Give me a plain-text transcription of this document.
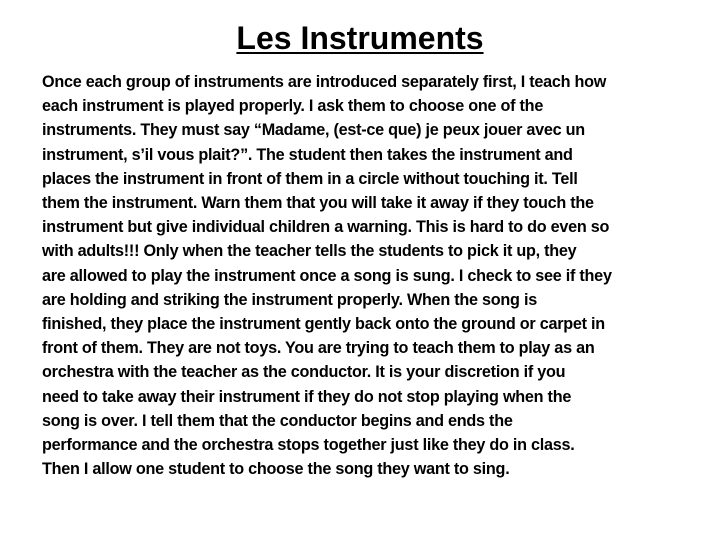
Les Instruments
Once each group of instruments are introduced separately first, I teach how
each instrument is played properly. I ask them to choose one of the
instruments. They must say “Madame, (est-ce que) je peux jouer avec un
instrument, s’il vous plait?”. The student then takes the instrument and
places the instrument in front of them in a circle without touching it. Tell
them the instrument. Warn them that you will take it away if they touch the
instrument but give individual children a warning. This is hard to do even so
with adults!!! Only when the teacher tells the students to pick it up, they
are allowed to play the instrument once a song is sung. I check to see if they
are holding and striking the instrument properly. When the song is
finished, they place the instrument gently back onto the ground or carpet in
front of them. They are not toys. You are trying to teach them to play as an
orchestra with the teacher as the conductor. It is your discretion if you
need to take away their instrument if they do not stop playing when the
song is over. I tell them that the conductor begins and ends the
performance and the orchestra stops together just like they do in class.
Then I allow one student to choose the song they want to sing.
